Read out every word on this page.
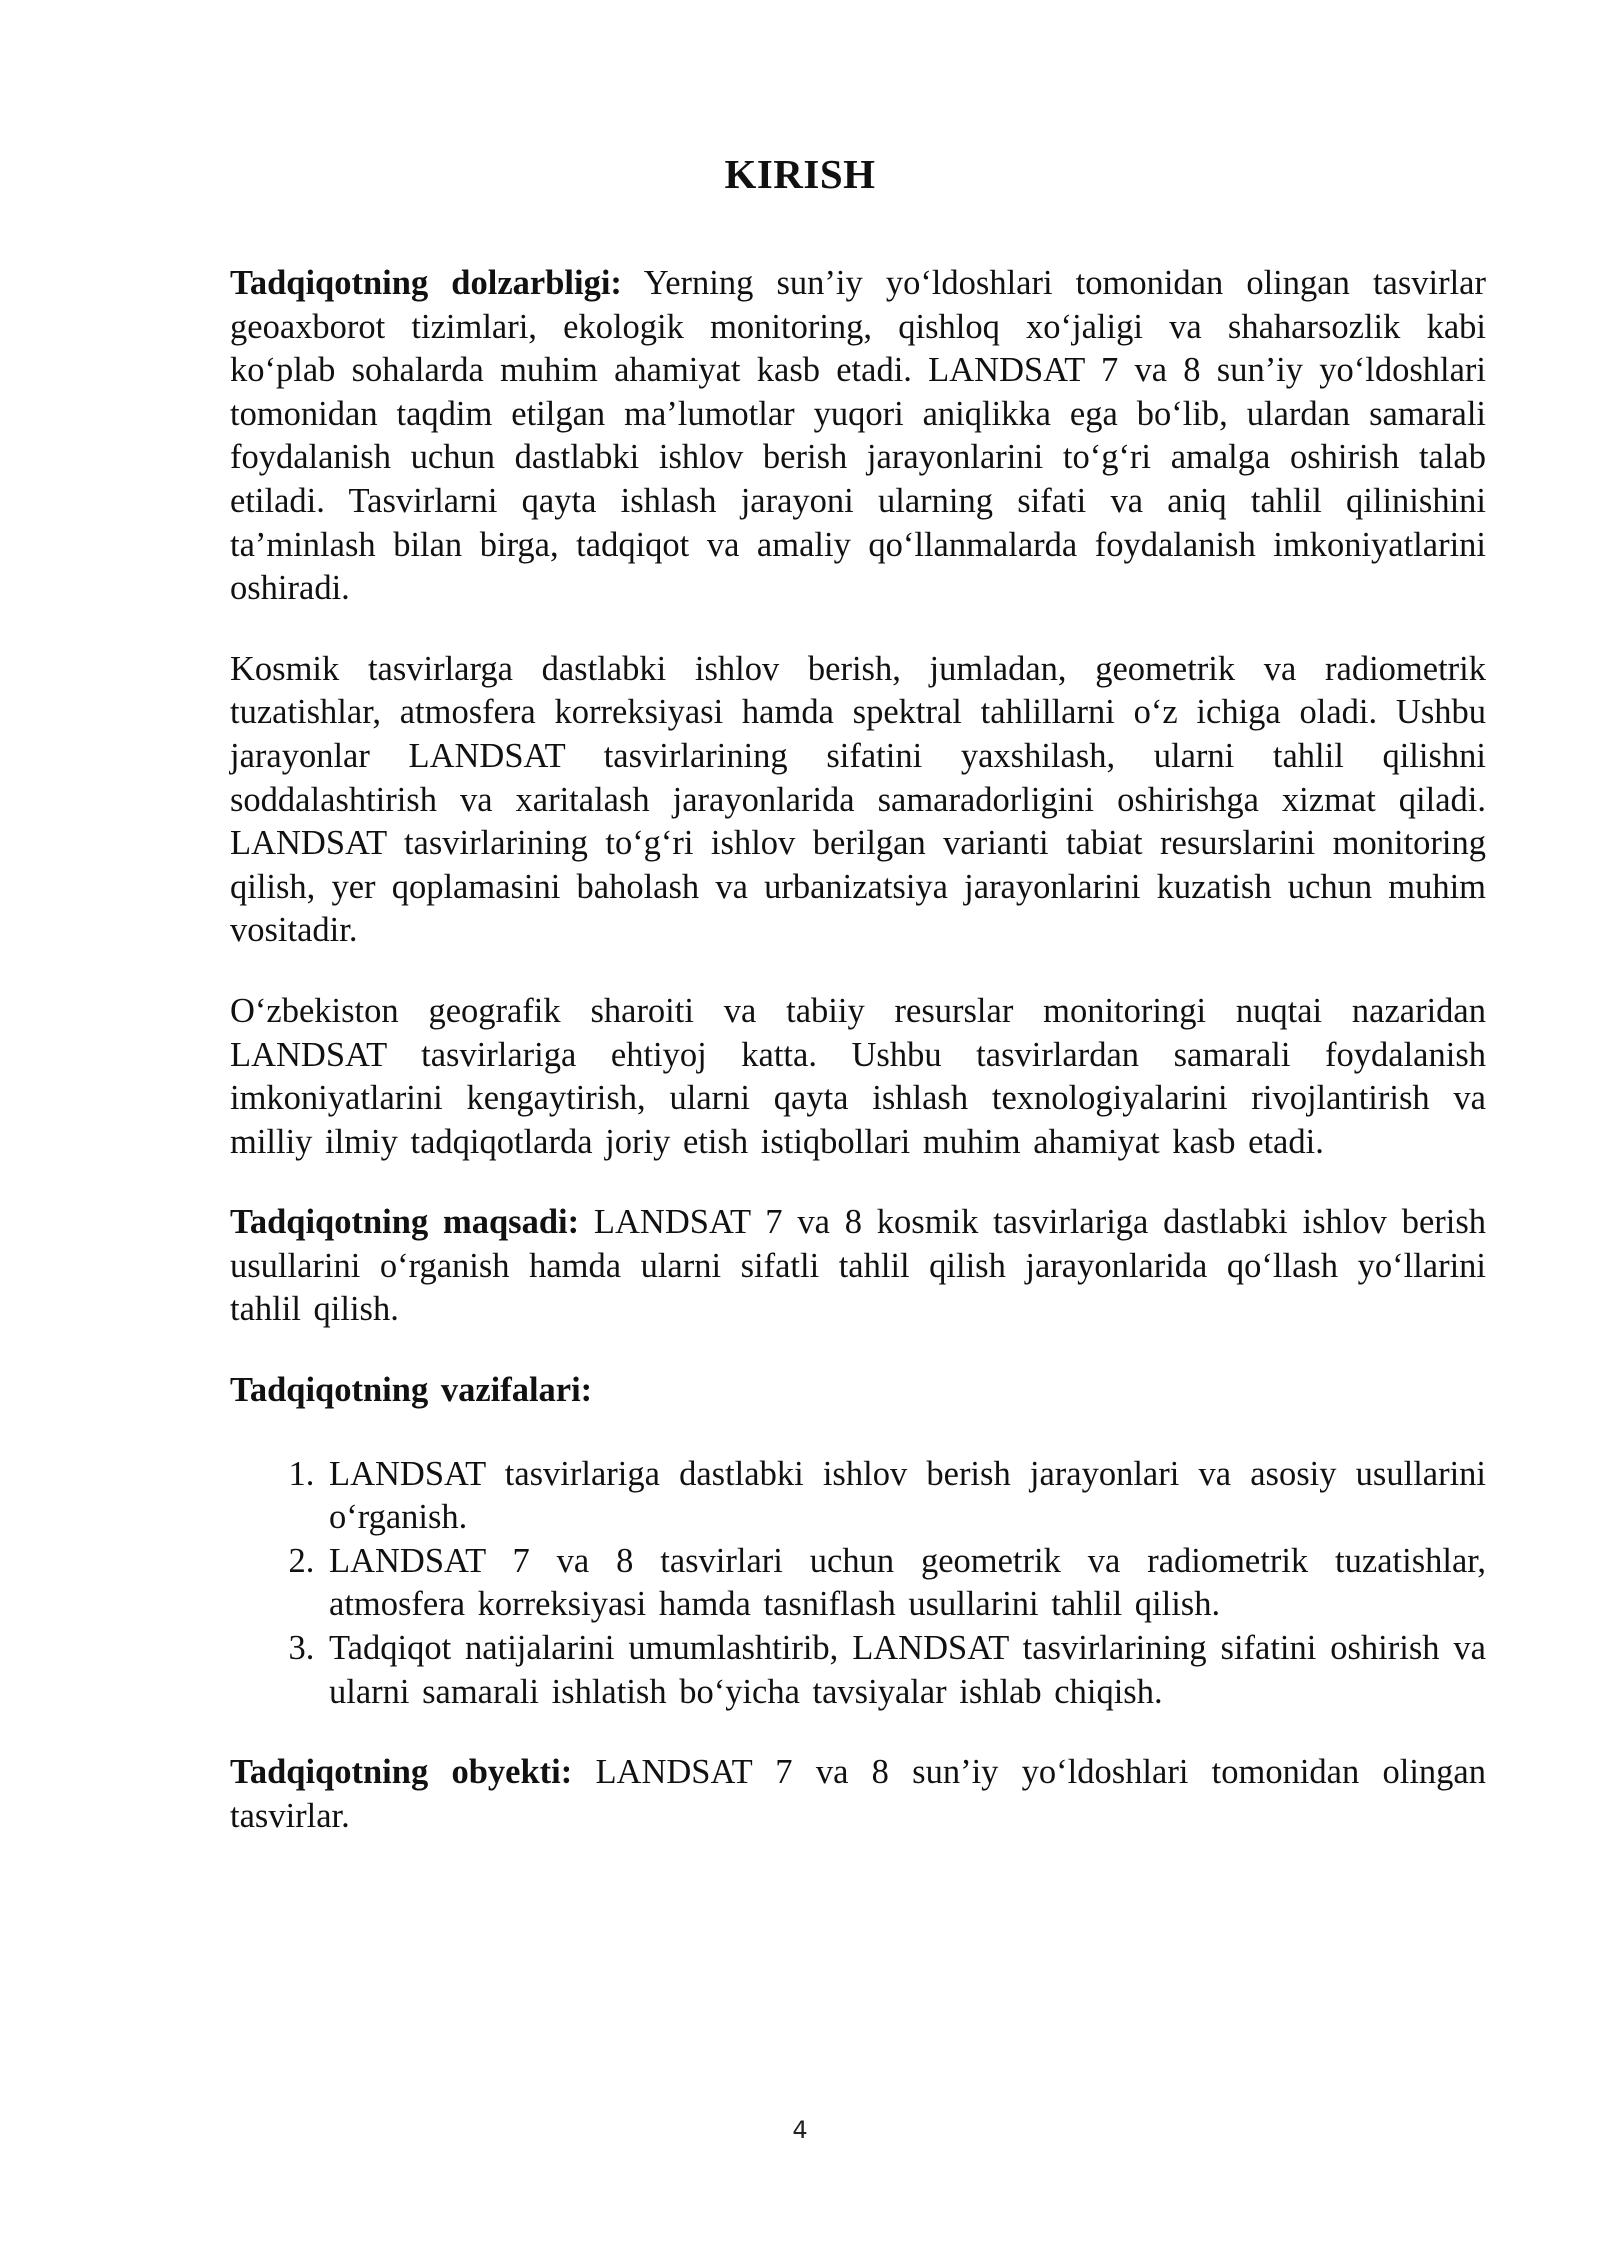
KIRISH

Tadqiqotning dolzarbligi: Yerning sun’iy yo‘ldoshlari tomonidan olingan tasvirlar geoaxborot tizimlari, ekologik monitoring, qishloq xo‘jaligi va shaharsozlik kabi ko‘plab sohalarda muhim ahamiyat kasb etadi. LANDSAT 7 va 8 sun’iy yo‘ldoshlari tomonidan taqdim etilgan ma’lumotlar yuqori aniqlikka ega bo‘lib, ulardan samarali foydalanish uchun dastlabki ishlov berish jarayonlarini to‘g‘ri amalga oshirish talab etiladi. Tasvirlarni qayta ishlash jarayoni ularning sifati va aniq tahlil qilinishini ta’minlash bilan birga, tadqiqot va amaliy qo‘llanmalarda foydalanish imkoniyatlarini oshiradi.

Kosmik tasvirlarga dastlabki ishlov berish, jumladan, geometrik va radiometrik tuzatishlar, atmosfera korreksiyasi hamda spektral tahlillarni o‘z ichiga oladi. Ushbu jarayonlar LANDSAT tasvirlarining sifatini yaxshilash, ularni tahlil qilishni soddalashtirish va xaritalash jarayonlarida samaradorligini oshirishga xizmat qiladi. LANDSAT tasvirlarining to‘g‘ri ishlov berilgan varianti tabiat resurslarini monitoring qilish, yer qoplamasini baholash va urbanizatsiya jarayonlarini kuzatish uchun muhim vositadir.

O‘zbekiston geografik sharoiti va tabiiy resurslar monitoringi nuqtai nazaridan LANDSAT tasvirlariga ehtiyoj katta. Ushbu tasvirlardan samarali foydalanish imkoniyatlarini kengaytirish, ularni qayta ishlash texnologiyalarini rivojlantirish va milliy ilmiy tadqiqotlarda joriy etish istiqbollari muhim ahamiyat kasb etadi.

Tadqiqotning maqsadi: LANDSAT 7 va 8 kosmik tasvirlariga dastlabki ishlov berish usullarini o‘rganish hamda ularni sifatli tahlil qilish jarayonlarida qo‘llash yo‘llarini tahlil qilish.

Tadqiqotning vazifalari:

1. LANDSAT tasvirlariga dastlabki ishlov berish jarayonlari va asosiy usullarini o‘rganish.
2. LANDSAT 7 va 8 tasvirlari uchun geometrik va radiometrik tuzatishlar, atmosfera korreksiyasi hamda tasniflash usullarini tahlil qilish.
3. Tadqiqot natijalarini umumlashtirib, LANDSAT tasvirlarining sifatini oshirish va ularni samarali ishlatish bo‘yicha tavsiyalar ishlab chiqish.

Tadqiqotning obyekti: LANDSAT 7 va 8 sun’iy yo‘ldoshlari tomonidan olingan tasvirlar.

4
